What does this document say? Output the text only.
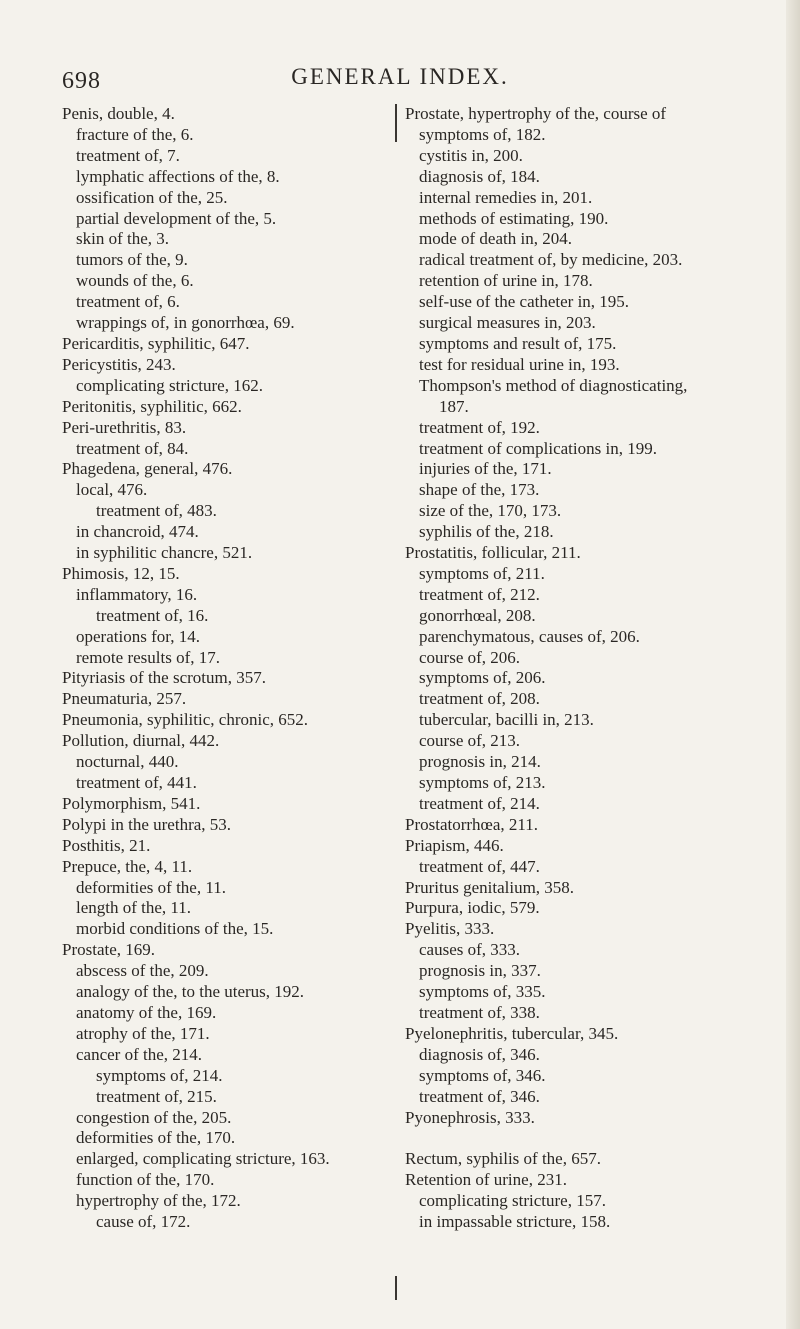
698	GENERAL INDEX.
Penis, double, 4.
fracture of the, 6.
treatment of, 7.
lymphatic affections of the, 8.
ossification of the, 25.
partial development of the, 5.
skin of the, 3.
tumors of the, 9.
wounds of the, 6.
treatment of, 6.
wrappings of, in gonorrhœa, 69.
Pericarditis, syphilitic, 647.
Pericystitis, 243.
complicating stricture, 162.
Peritonitis, syphilitic, 662.
Peri-urethritis, 83.
treatment of, 84.
Phagedena, general, 476.
local, 476.
treatment of, 483.
in chancroid, 474.
in syphilitic chancre, 521.
Phimosis, 12, 15.
inflammatory, 16.
treatment of, 16.
operations for, 14.
remote results of, 17.
Pityriasis of the scrotum, 357.
Pneumaturia, 257.
Pneumonia, syphilitic, chronic, 652.
Pollution, diurnal, 442.
nocturnal, 440.
treatment of, 441.
Polymorphism, 541.
Polypi in the urethra, 53.
Posthitis, 21.
Prepuce, the, 4, 11.
deformities of the, 11.
length of the, 11.
morbid conditions of the, 15.
Prostate, 169.
abscess of the, 209.
analogy of the, to the uterus, 192.
anatomy of the, 169.
atrophy of the, 171.
cancer of the, 214.
symptoms of, 214.
treatment of, 215.
congestion of the, 205.
deformities of the, 170.
enlarged, complicating stricture, 163.
function of the, 170.
hypertrophy of the, 172.
cause of, 172.
Prostate, hypertrophy of the, course of
symptoms of, 182.
cystitis in, 200.
diagnosis of, 184.
internal remedies in, 201.
methods of estimating, 190.
mode of death in, 204.
radical treatment of, by medicine, 203.
retention of urine in, 178.
self-use of the catheter in, 195.
surgical measures in, 203.
symptoms and result of, 175.
test for residual urine in, 193.
Thompson's method of diagnosticating,
187.
treatment of, 192.
treatment of complications in, 199.
injuries of the, 171.
shape of the, 173.
size of the, 170, 173.
syphilis of the, 218.
Prostatitis, follicular, 211.
symptoms of, 211.
treatment of, 212.
gonorrhœal, 208.
parenchymatous, causes of, 206.
course of, 206.
symptoms of, 206.
treatment of, 208.
tubercular, bacilli in, 213.
course of, 213.
prognosis in, 214.
symptoms of, 213.
treatment of, 214.
Prostatorrhœa, 211.
Priapism, 446.
treatment of, 447.
Pruritus genitalium, 358.
Purpura, iodic, 579.
Pyelitis, 333.
causes of, 333.
prognosis in, 337.
symptoms of, 335.
treatment of, 338.
Pyelonephritis, tubercular, 345.
diagnosis of, 346.
symptoms of, 346.
treatment of, 346.
Pyonephrosis, 333.
Rectum, syphilis of the, 657.
Retention of urine, 231.
complicating stricture, 157.
in impassable stricture, 158.
